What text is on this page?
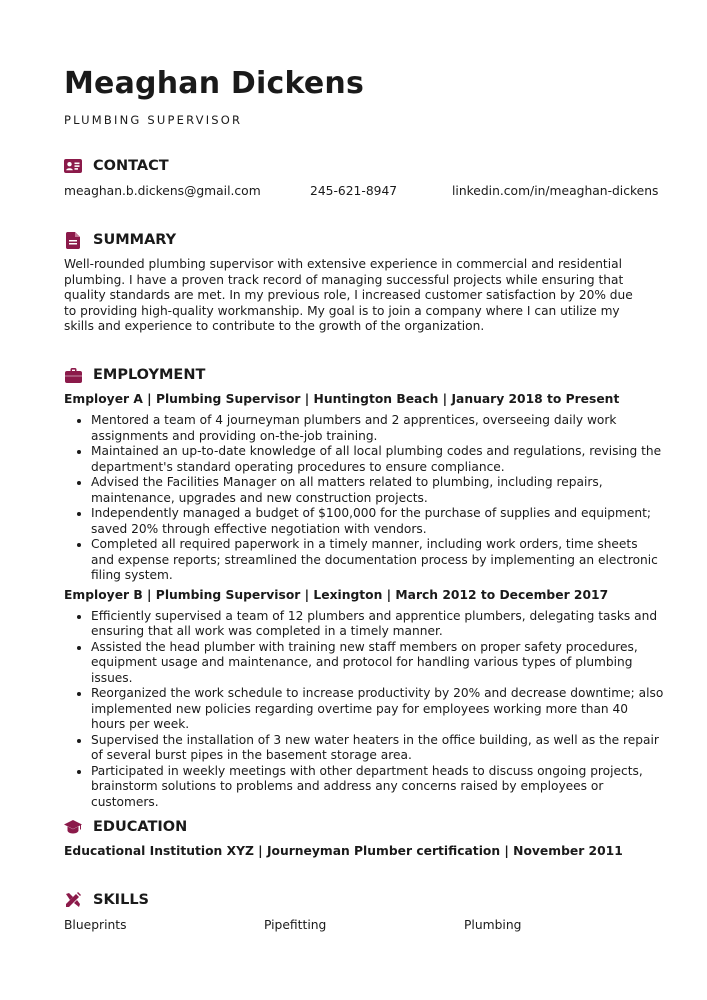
Meaghan Dickens
PLUMBING SUPERVISOR
CONTACT
meaghan.b.dickens@gmail.com	245-621-8947	linkedin.com/in/meaghan-dickens
SUMMARY
Well-rounded plumbing supervisor with extensive experience in commercial and residential plumbing. I have a proven track record of managing successful projects while ensuring that quality standards are met. In my previous role, I increased customer satisfaction by 20% due to providing high-quality workmanship. My goal is to join a company where I can utilize my skills and experience to contribute to the growth of the organization.
EMPLOYMENT
Employer A | Plumbing Supervisor | Huntington Beach | January 2018 to Present
• Mentored a team of 4 journeyman plumbers and 2 apprentices, overseeing daily work assignments and providing on-the-job training.
• Maintained an up-to-date knowledge of all local plumbing codes and regulations, revising the department's standard operating procedures to ensure compliance.
• Advised the Facilities Manager on all matters related to plumbing, including repairs, maintenance, upgrades and new construction projects.
• Independently managed a budget of $100,000 for the purchase of supplies and equipment; saved 20% through effective negotiation with vendors.
• Completed all required paperwork in a timely manner, including work orders, time sheets and expense reports; streamlined the documentation process by implementing an electronic filing system.
Employer B | Plumbing Supervisor | Lexington | March 2012 to December 2017
• Efficiently supervised a team of 12 plumbers and apprentice plumbers, delegating tasks and ensuring that all work was completed in a timely manner.
• Assisted the head plumber with training new staff members on proper safety procedures, equipment usage and maintenance, and protocol for handling various types of plumbing issues.
• Reorganized the work schedule to increase productivity by 20% and decrease downtime; also implemented new policies regarding overtime pay for employees working more than 40 hours per week.
• Supervised the installation of 3 new water heaters in the office building, as well as the repair of several burst pipes in the basement storage area.
• Participated in weekly meetings with other department heads to discuss ongoing projects, brainstorm solutions to problems and address any concerns raised by employees or customers.
EDUCATION
Educational Institution XYZ | Journeyman Plumber certification | November 2011
SKILLS
Blueprints	Pipefitting	Plumbing
